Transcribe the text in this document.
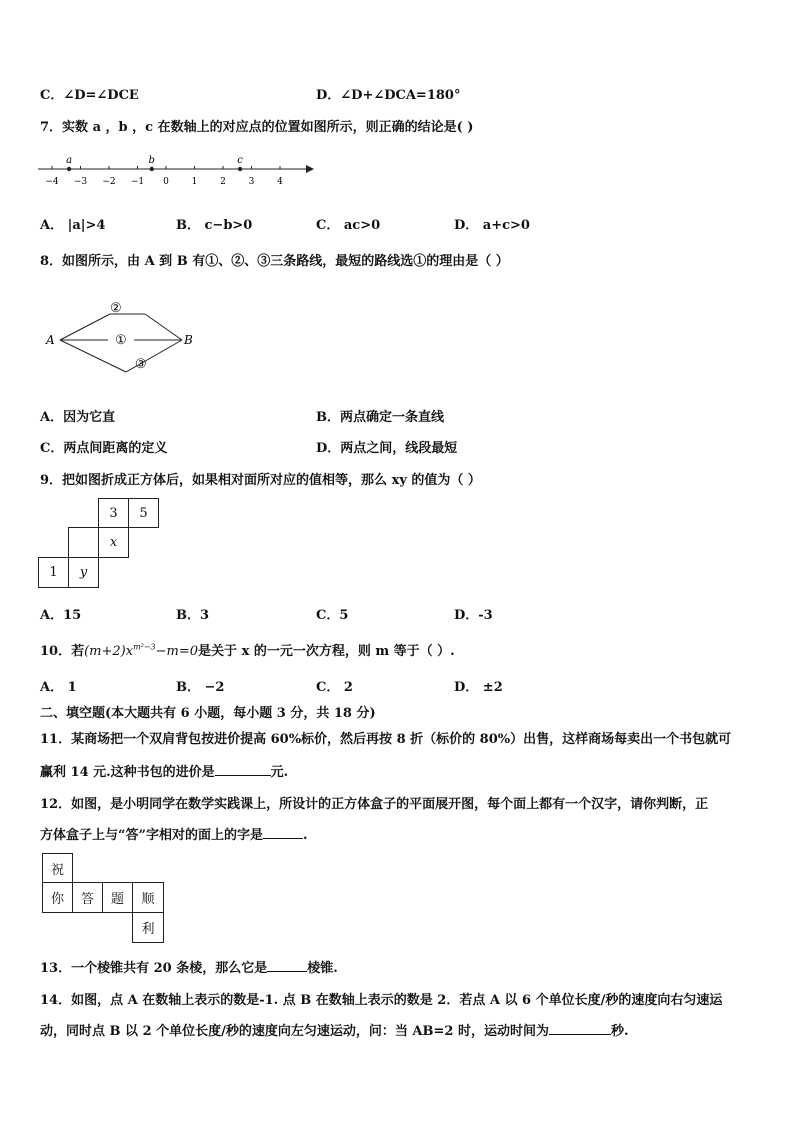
C．∠D=∠DCE	D．∠D+∠DCA=180°
7．实数 a ，b ，c 在数轴上的对应点的位置如图所示，则正确的结论是( )
−4 −3 −2 −1 0	1	2	3	4
a	b	c
A． |a|>4	B． c−b>0	C． ac>0	D． a+c>0
8．如图所示，由 A 到 B 有①、②、③三条路线，最短的路线选①的理由是（ ）
A	B
①
②
③
A．因为它直	B．两点确定一条直线
C．两点间距离的定义	D．两点之间，线段最短
9．把如图折成正方体后，如果相对面所对应的值相等，那么 xy 的值为（ ）
3	5
x
1	y
A．15	B．3	C．5	D．-3
10．若$(m+2)x^{m^2-3}-m=0$是关于 x 的一元一次方程，则 m 等于（ ）.
A． 1	B． −2	C． 2	D． ±2
二、填空题(本大题共有 6 小题，每小题 3 分，共 18 分)
11．某商场把一个双肩背包按进价提高 60%标价，然后再按 8 折（标价的 80%）出售，这样商场每卖出一个书包就可
赢利 14 元.这种书包的进价是	元.
12．如图，是小明同学在数学实践课上，所设计的正方体盒子的平面展开图，每个面上都有一个汉字，请你判断，正
方体盒子上与“答”字相对的面上的字是	.
祝
你	答	题	顺
利
13．一个棱锥共有 20 条棱，那么它是	棱锥.
14．如图，点 A 在数轴上表示的数是-1. 点 B 在数轴上表示的数是 2．若点 A 以 6 个单位长度/秒的速度向右匀速运
动，同时点 B 以 2 个单位长度/秒的速度向左匀速运动，问：当 AB=2 时，运动时间为	秒.
